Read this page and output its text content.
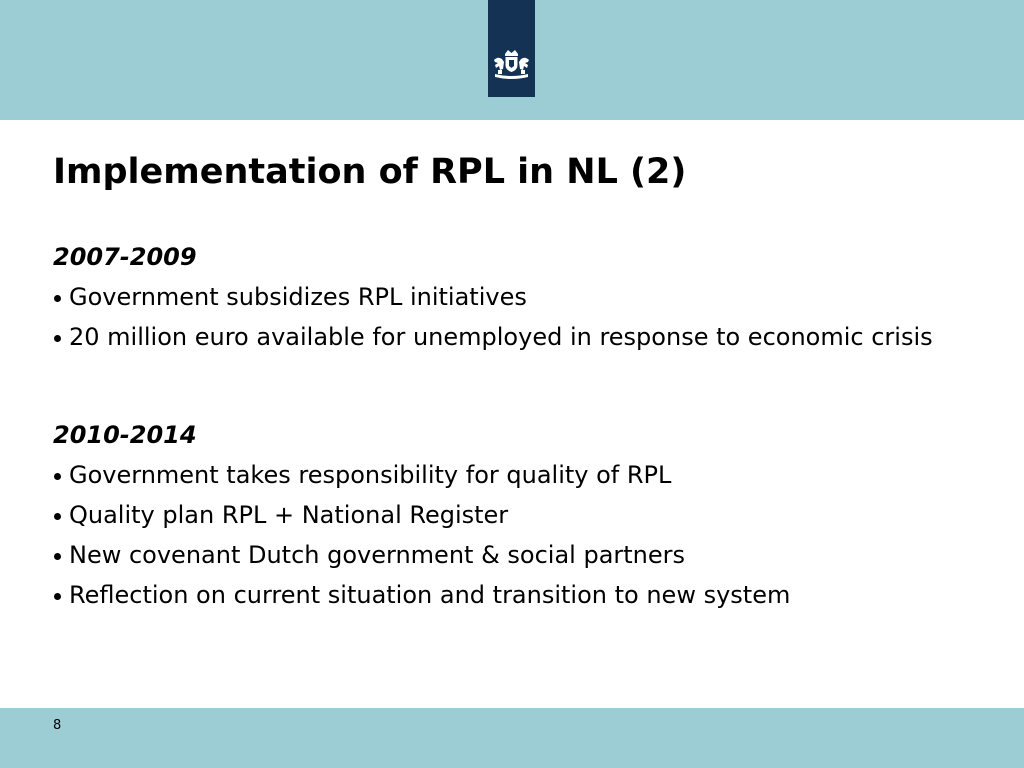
Implementation of RPL in NL (2)
2007-2009
Government subsidizes RPL initiatives
20 million euro available for unemployed in response to economic crisis
2010-2014
Government takes responsibility for quality of RPL
Quality plan RPL + National Register
New covenant Dutch government & social partners
Reflection on current situation and transition to new system
8
